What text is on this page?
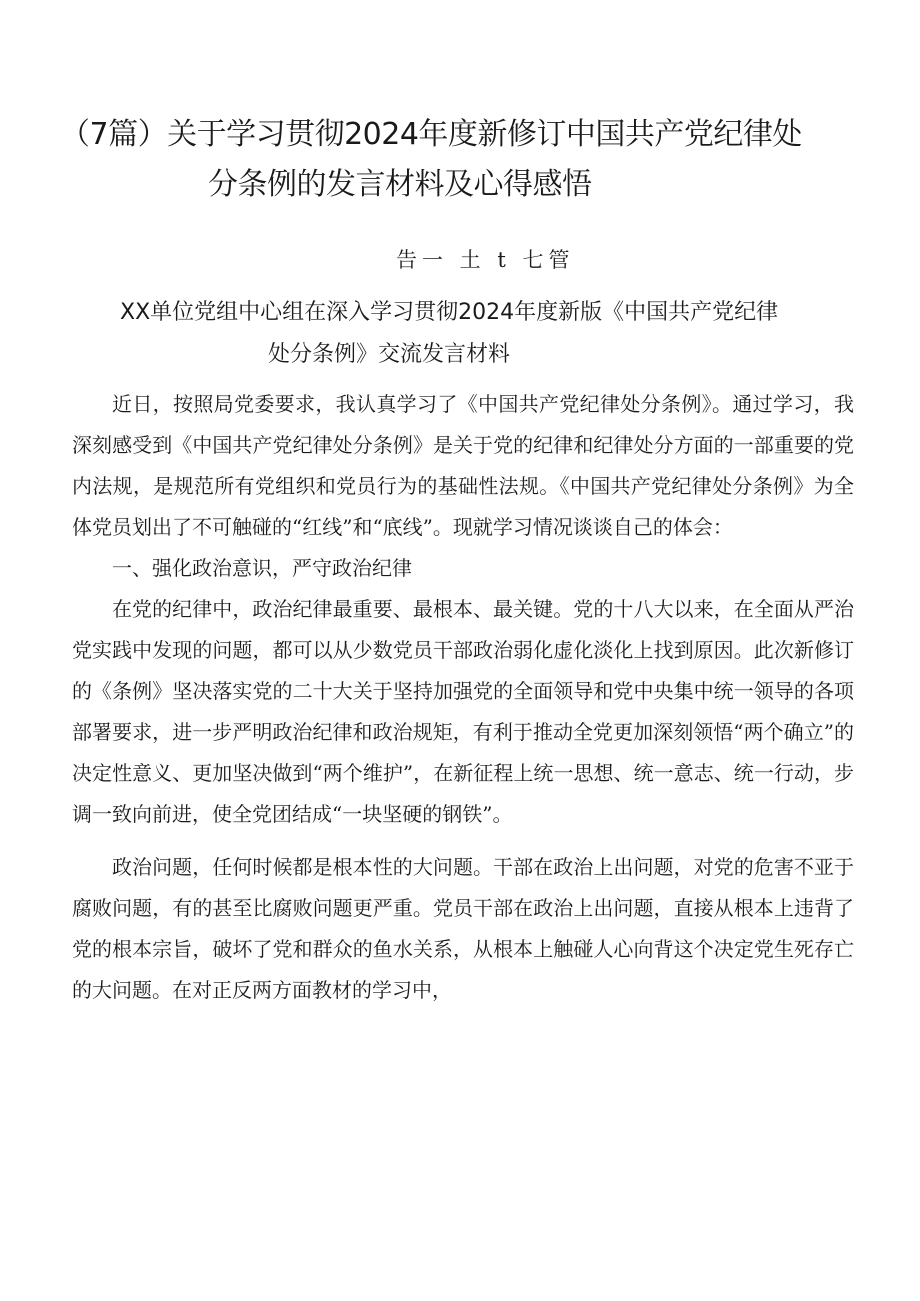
（7篇）关于学习贯彻2024年度新修订中国共产党纪律处
分条例的发言材料及心得感悟
告一 土 t 七管
XX单位党组中心组在深入学习贯彻2024年度新版《中国共产党纪律
处分条例》交流发言材料

近日，按照局党委要求，我认真学习了《中国共产党纪律处分条例》。通过学习，我深刻感受到《中国共产党纪律处分条例》是关于党的纪律和纪律处分方面的一部重要的党内法规，是规范所有党组织和党员行为的基础性法规。《中国共产党纪律处分条例》为全体党员划出了不可触碰的“红线”和“底线”。现就学习情况谈谈自己的体会：

一、强化政治意识，严守政治纪律

在党的纪律中，政治纪律最重要、最根本、最关键。党的十八大以来，在全面从严治党实践中发现的问题，都可以从少数党员干部政治弱化虚化淡化上找到原因。此次新修订的《条例》坚决落实党的二十大关于坚持加强党的全面领导和党中央集中统一领导的各项部署要求，进一步严明政治纪律和政治规矩，有利于推动全党更加深刻领悟“两个确立”的决定性意义、更加坚决做到“两个维护”，在新征程上统一思想、统一意志、统一行动，步调一致向前进，使全党团结成“一块坚硬的钢铁”。

政治问题，任何时候都是根本性的大问题。干部在政治上出问题，对党的危害不亚于腐败问题，有的甚至比腐败问题更严重。党员干部在政治上出问题，直接从根本上违背了党的根本宗旨，破坏了党和群众的鱼水关系，从根本上触碰人心向背这个决定党生死存亡的大问题。在对正反两方面教材的学习中，
